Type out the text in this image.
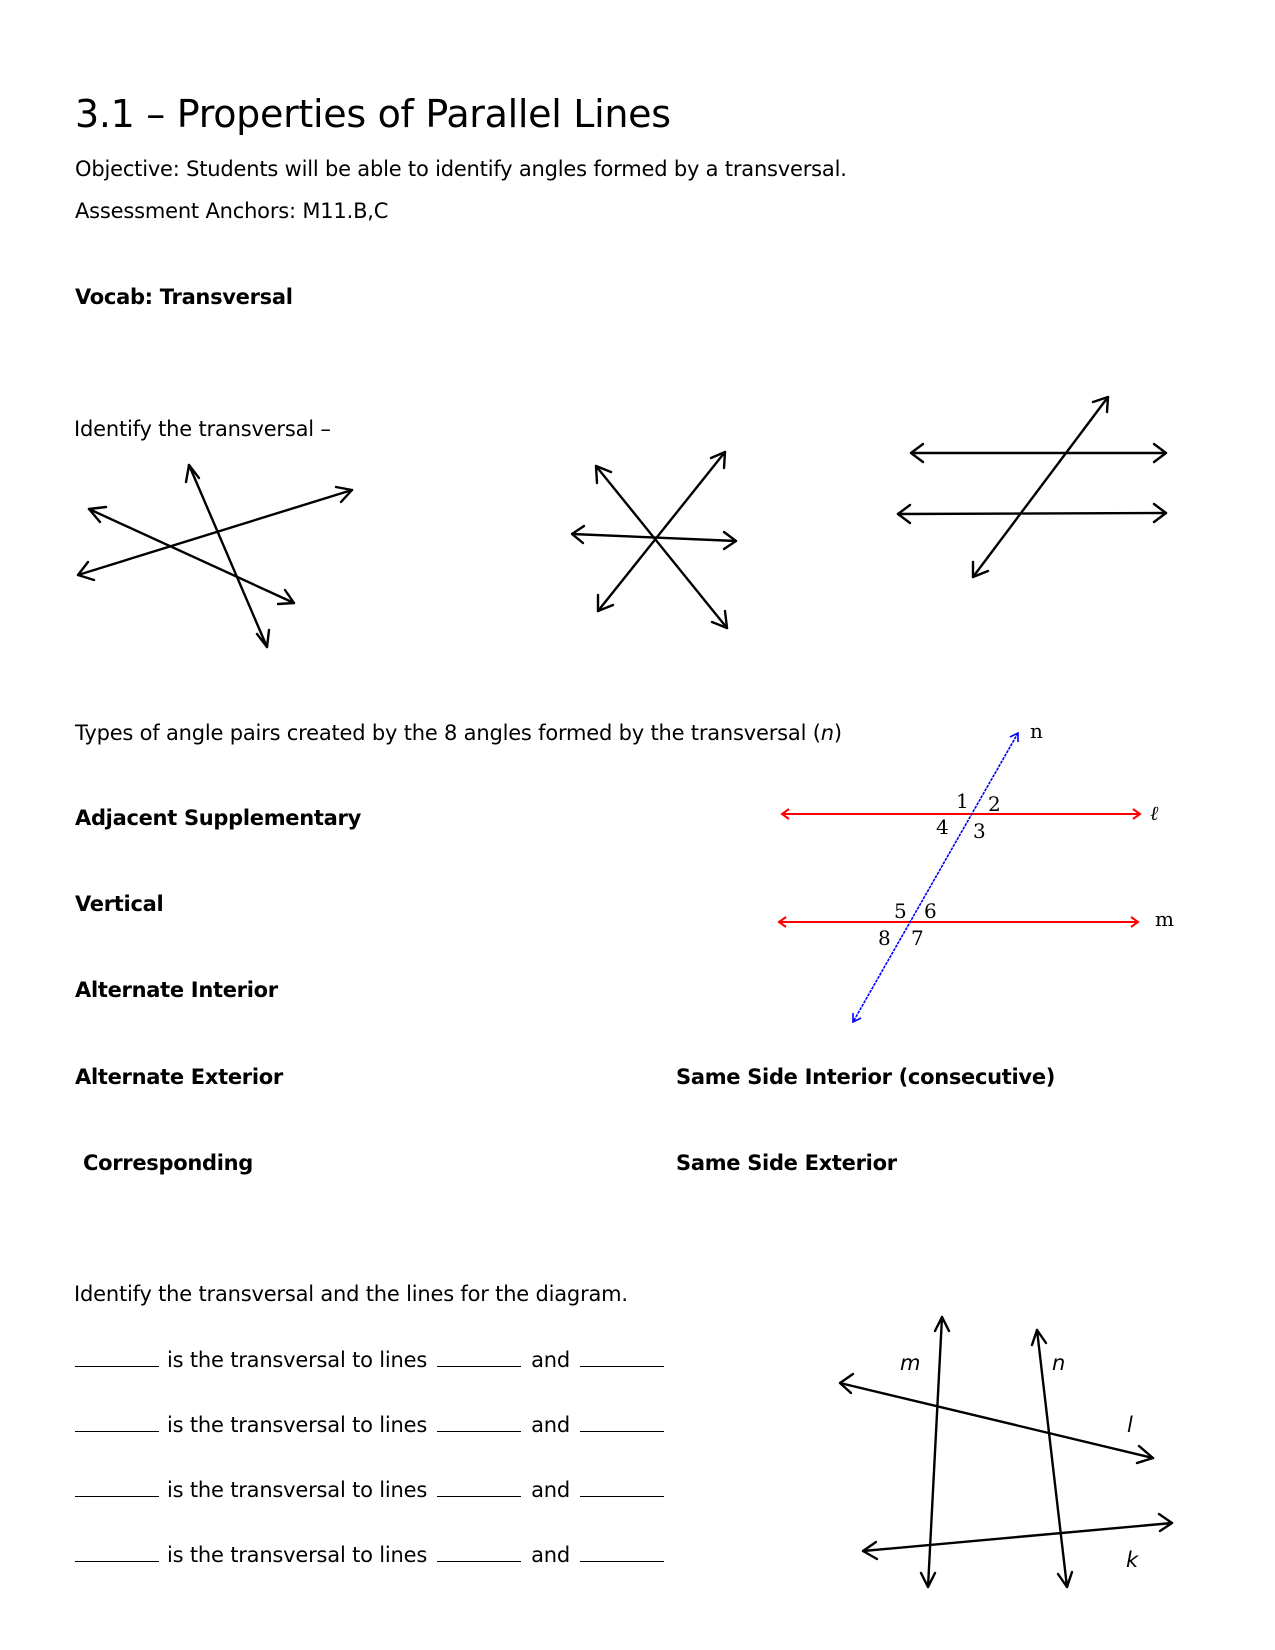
3.1 – Properties of Parallel Lines
Objective: Students will be able to identify angles formed by a transversal.
Assessment Anchors: M11.B,C
Vocab: Transversal
Identify the transversal –
Types of angle pairs created by the 8 angles formed by the transversal (n)
Adjacent Supplementary
Vertical
Alternate Interior
Alternate Exterior
Corresponding
Same Side Interior (consecutive)
Same Side Exterior
n
ℓ
m
1 2
3
4
5 6
7
8
Identify the transversal and the lines for the diagram.
is the transversal to lines	and
is the transversal to lines	and
is the transversal to lines	and
is the transversal to lines	and
m	n
l
k
